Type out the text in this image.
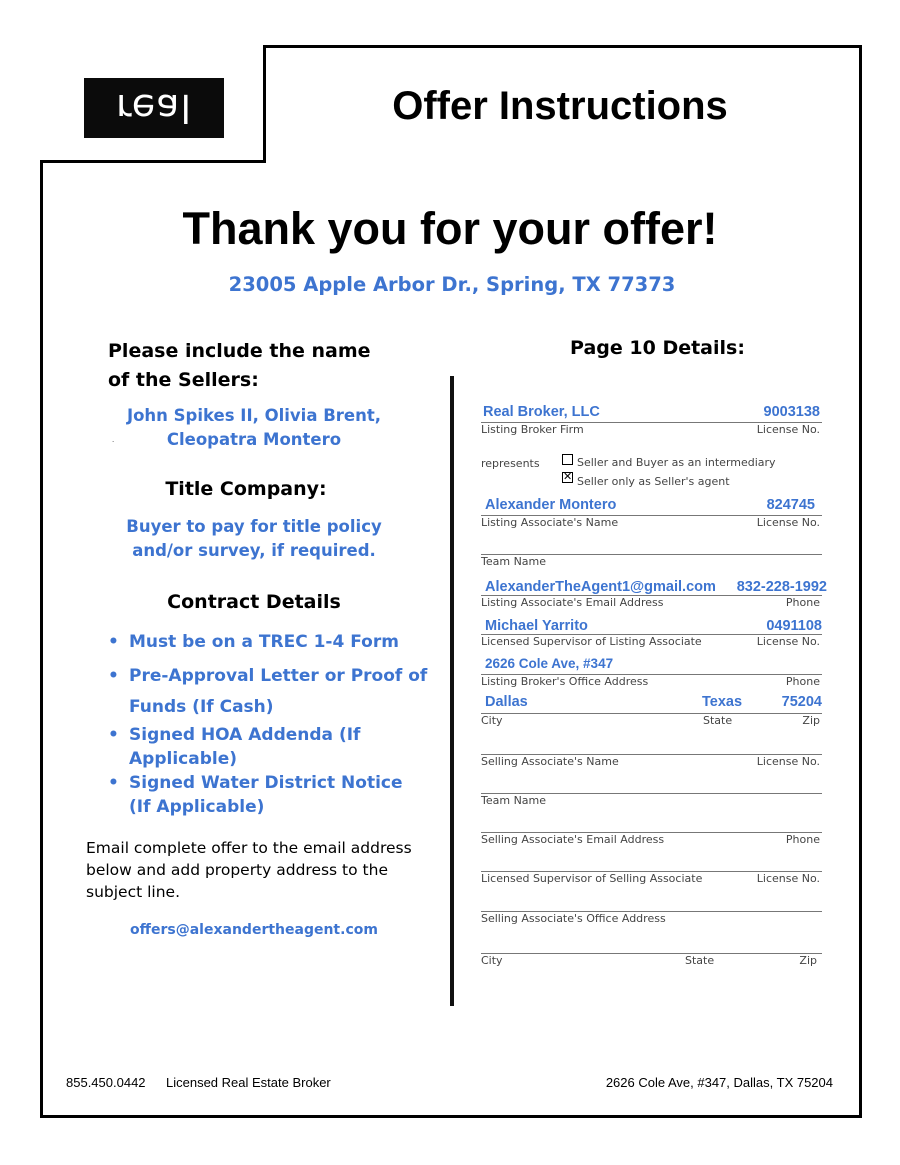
real	Offer Instructions
Thank you for your offer!
23005 Apple Arbor Dr., Spring, TX 77373
Please include the name of the Sellers:
John Spikes II, Olivia Brent,
.	Cleopatra Montero
Title Company:
Buyer to pay for title policy
and/or survey, if required.
Contract Details
• Must be on a TREC 1-4 Form
• Pre-Approval Letter or Proof of Funds (If Cash)
• Signed HOA Addenda (If Applicable)
• Signed Water District Notice (If Applicable)
Email complete offer to the email address below and add property address to the subject line.
offers@alexandertheagent.com
Page 10 Details:
Real Broker, LLC	9003138
Listing Broker Firm	License No.
represents	Seller and Buyer as an intermediary
✕ Seller only as Seller's agent
Alexander Montero	824745
Listing Associate's Name	License No.
Team Name
AlexanderTheAgent1@gmail.com	832-228-1992
Listing Associate's Email Address	Phone
Michael Yarrito	0491108
Licensed Supervisor of Listing Associate	License No.
2626 Cole Ave, #347
Listing Broker's Office Address	Phone
Dallas	Texas	75204
City	State	Zip
Selling Associate's Name	License No.
Team Name
Selling Associate's Email Address	Phone
Licensed Supervisor of Selling Associate	License No.
Selling Associate's Office Address
City	State	Zip
855.450.0442 Licensed Real Estate Broker	2626 Cole Ave, #347, Dallas, TX 75204
